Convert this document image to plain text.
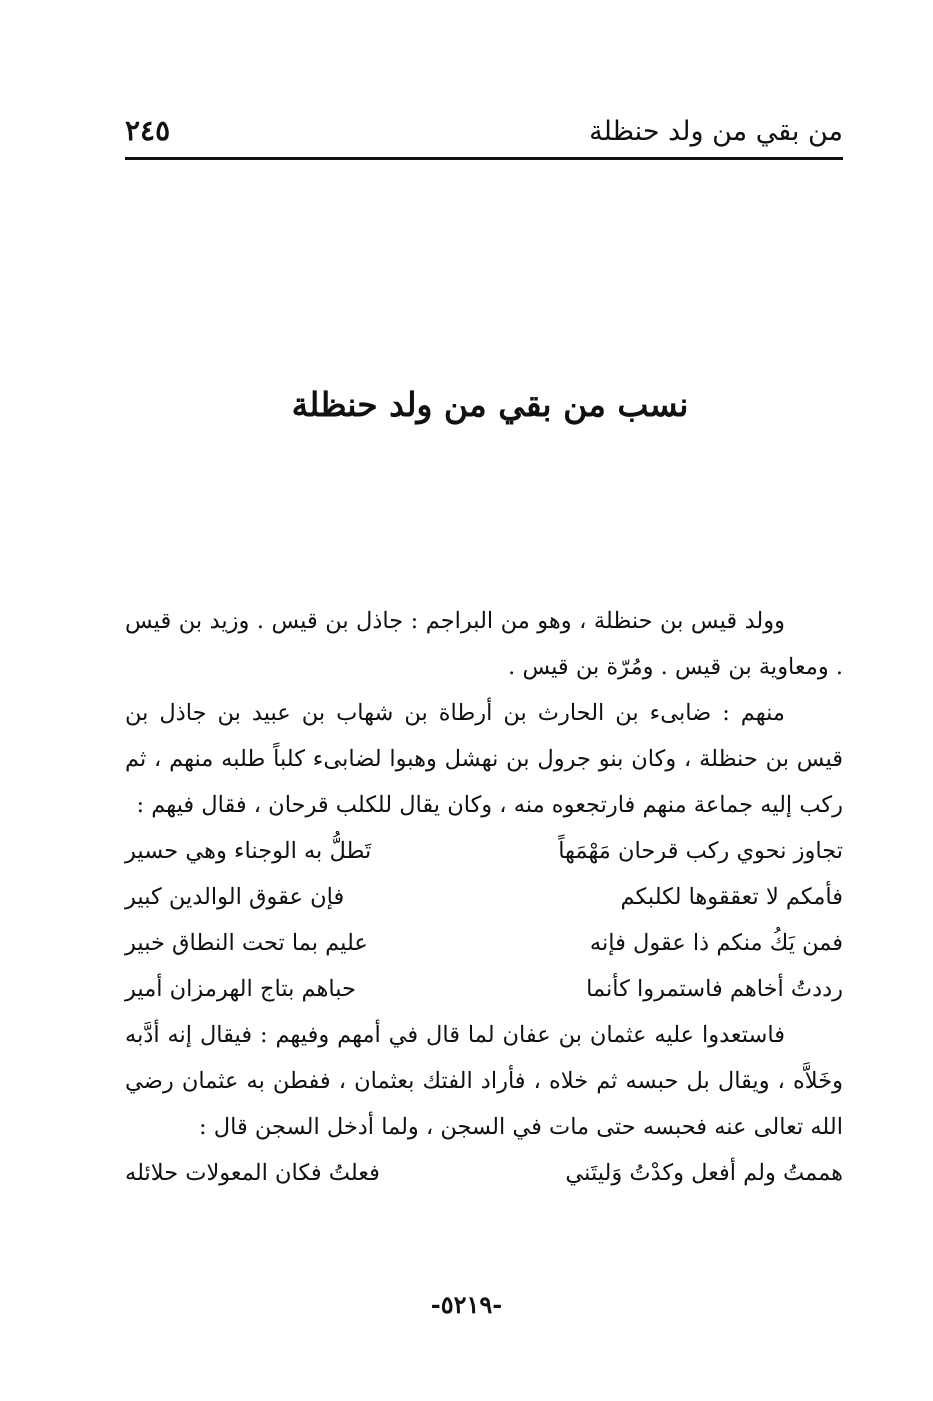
من بقي من ولد حنظلة
٢٤٥
نسب من بقي من ولد حنظلة

وولد قيس بن حنظلة ، وهو من البراجم : جاذل بن قيس . وزيد بن قيس . ومعاوية بن قيس . ومُرّة بن قيس .

منهم : ضابىء بن الحارث بن أرطاة بن شهاب بن عبيد بن جاذل بن قيس بن حنظلة ، وكان بنو جرول بن نهشل وهبوا لضابىء كلباً طلبه منهم ، ثم ركب إليه جماعة منهم فارتجعوه منه ، وكان يقال للكلب قرحان ، فقال فيهم :

تجاوز نحوي ركب قرحان مَهْمَهاً
تَطلُّ به الوجناء وهي حسير
فأمكم لا تعققوها لكلبكم
فإن عقوق الوالدين كبير
فمن يَكُ منكم ذا عقول فإنه
عليم بما تحت النطاق خبير
رددتُ أخاهم فاستمروا كأنما
حباهم بتاج الهرمزان أمير

فاستعدوا عليه عثمان بن عفان لما قال في أمهم وفيهم : فيقال إنه أدَّبه وخَلاَّه ، ويقال بل حبسه ثم خلاه ، فأراد الفتك بعثمان ، ففطن به عثمان رضي الله تعالى عنه فحبسه حتى مات في السجن ، ولما أدخل السجن قال :

هممتُ ولم أفعل وكدْتُ وَليتَني
فعلتُ فكان المعولات حلائله
-٥٢١٩-
